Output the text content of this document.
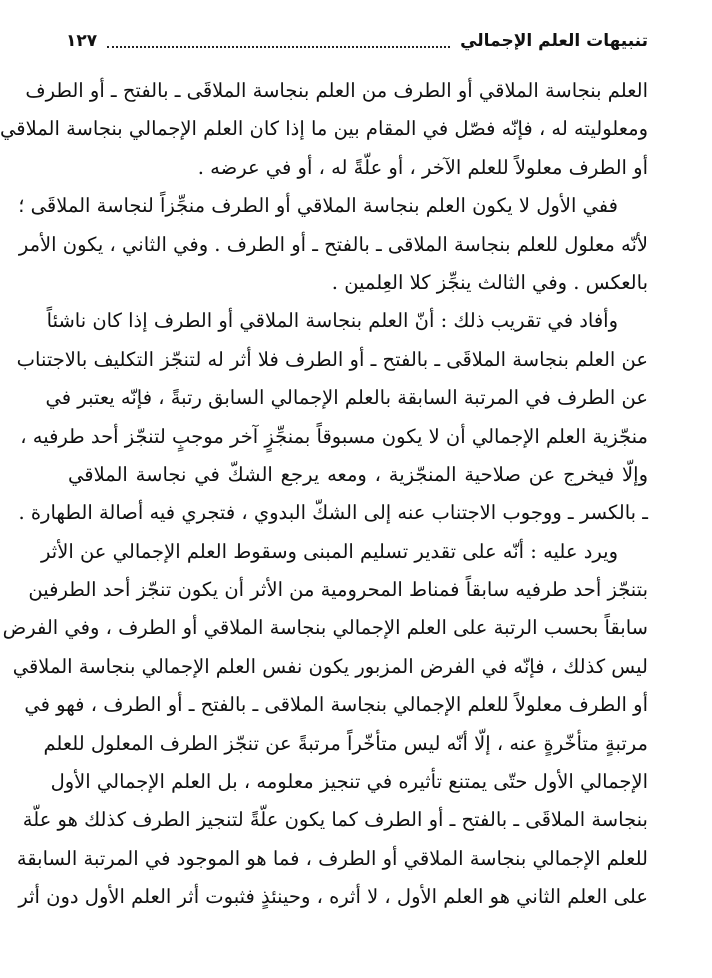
تنبيهات العلم الإجمالي
١٢٧
العلم بنجاسة الملاقي أو الطرف من العلم بنجاسة الملاقَى ـ بالفتح ـ أو الطرف
ومعلوليته له ، فإنّه فصّل في المقام بين ما إذا كان العلم الإجمالي بنجاسة الملاقي
أو الطرف معلولاً للعلم الآخر ، أو علّةً له ، أو في عرضه .
ففي الأول لا يكون العلم بنجاسة الملاقي أو الطرف منجِّزاً لنجاسة الملاقَى ؛
لأنّه معلول للعلم بنجاسة الملاقى ـ بالفتح ـ أو الطرف . وفي الثاني ، يكون الأمر
بالعكس . وفي الثالث ينجِّز كلا العِلمين .
وأفاد في تقريب ذلك : أنّ العلم بنجاسة الملاقي أو الطرف إذا كان ناشئاً
عن العلم بنجاسة الملاقَى ـ بالفتح ـ أو الطرف فلا أثر له لتنجّز التكليف بالاجتناب
عن الطرف في المرتبة السابقة بالعلم الإجمالي السابق رتبةً ، فإنّه يعتبر في
منجّزية العلم الإجمالي أن لا يكون مسبوقاً بمنجِّزٍ آخر موجبٍ لتنجّز أحد طرفيه ،
وإلّا فيخرج عن صلاحية المنجّزية ، ومعه يرجع الشكّ في نجاسة الملاقي
ـ بالكسر ـ ووجوب الاجتناب عنه إلى الشكّ البدوي ، فتجري فيه أصالة الطهارة .
ويرد عليه : أنّه على تقدير تسليم المبنى وسقوط العلم الإجمالي عن الأثر
بتنجّز أحد طرفيه سابقاً فمناط المحرومية من الأثر أن يكون تنجّز أحد الطرفين
سابقاً بحسب الرتبة على العلم الإجمالي بنجاسة الملاقي أو الطرف ، وفي الفرض
ليس كذلك ، فإنّه في الفرض المزبور يكون نفس العلم الإجمالي بنجاسة الملاقي
أو الطرف معلولاً للعلم الإجمالي بنجاسة الملاقى ـ بالفتح ـ أو الطرف ، فهو في
مرتبةٍ متأخّرةٍ عنه ، إلّا أنّه ليس متأخّراً مرتبةً عن تنجّز الطرف المعلول للعلم
الإجمالي الأول حتّى يمتنع تأثيره في تنجيز معلومه ، بل العلم الإجمالي الأول
بنجاسة الملاقَى ـ بالفتح ـ أو الطرف كما يكون علّةً لتنجيز الطرف كذلك هو علّة
للعلم الإجمالي بنجاسة الملاقي أو الطرف ، فما هو الموجود في المرتبة السابقة
على العلم الثاني هو العلم الأول ، لا أثره ، وحينئذٍ فثبوت أثر العلم الأول دون أثر
